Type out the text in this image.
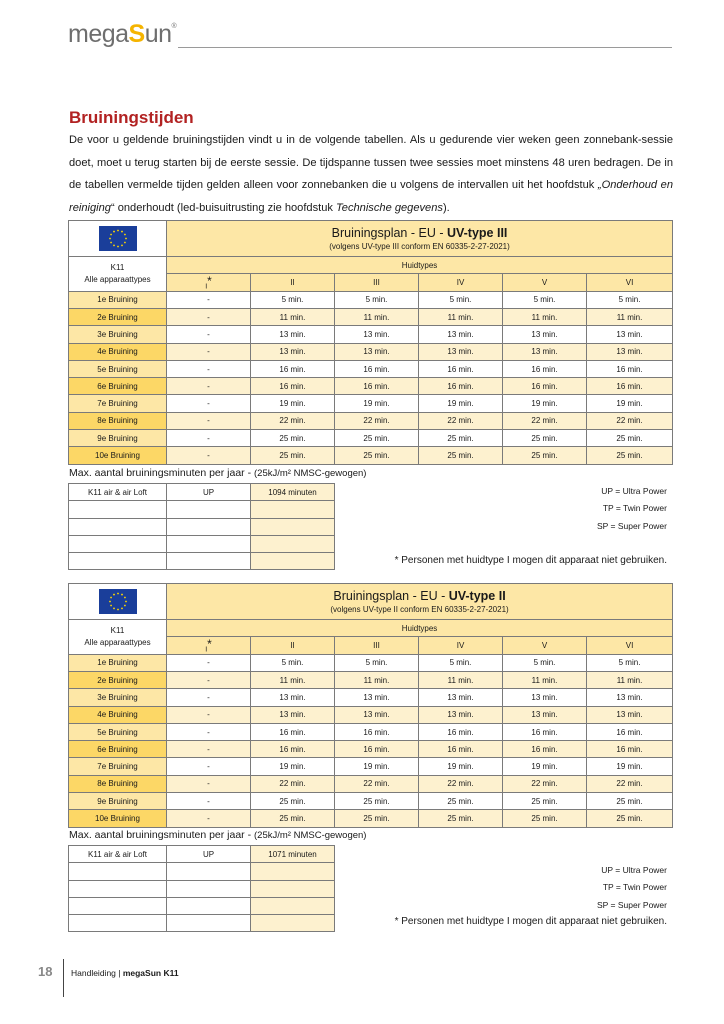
megaSun®
Bruiningstijden
De voor u geldende bruiningstijden vindt u in de volgende tabellen. Als u gedurende vier weken geen zonnebank-sessie doet, moet u terug starten bij de eerste sessie. De tijdspanne tussen twee sessies moet minstens 48 uren bedragen. De in de tabellen vermelde tijden gelden alleen voor zonnebanken die u volgens de intervallen uit het hoofdstuk „Onderhoud en reiniging“ onderhoudt (led-buisuitrusting zie hoofdstuk Technische gegevens).

Bruiningsplan - EU - UV-type III
(volgens UV-type III conform EN 60335-2-27-2021)					

K11
Alle apparaattypes	Huidtypes					
	$_I$*	II	III	IV	V	VI
1e Bruining	-	5 min.	5 min.	5 min.	5 min.	5 min.
2e Bruining	-	11 min.	11 min.	11 min.	11 min.	11 min.
3e Bruining	-	13 min.	13 min.	13 min.	13 min.	13 min.
4e Bruining	-	13 min.	13 min.	13 min.	13 min.	13 min.
5e Bruining	-	16 min.	16 min.	16 min.	16 min.	16 min.
6e Bruining	-	16 min.	16 min.	16 min.	16 min.	16 min.
7e Bruining	-	19 min.	19 min.	19 min.	19 min.	19 min.
8e Bruining	-	22 min.	22 min.	22 min.	22 min.	22 min.
9e Bruining	-	25 min.	25 min.	25 min.	25 min.	25 min.
10e Bruining	-	25 min.	25 min.	25 min.	25 min.	25 min.
Max. aantal bruiningsminuten per jaar - (25kJ/m² NMSC-gewogen)
K11 air & air Loft	UP	1094 minuten

			UP = Ultra Power
TP = Twin Power
SP = Super Power
* Personen met huidtype I mogen dit apparaat niet gebruiken.

Bruiningsplan - EU - UV-type II
(volgens UV-type II conform EN 60335-2-27-2021)					

K11
Alle apparaattypes	Huidtypes					
	$_I$*	II	III	IV	V	VI
1e Bruining	-	5 min.	5 min.	5 min.	5 min.	5 min.
2e Bruining	-	11 min.	11 min.	11 min.	11 min.	11 min.
3e Bruining	-	13 min.	13 min.	13 min.	13 min.	13 min.
4e Bruining	-	13 min.	13 min.	13 min.	13 min.	13 min.
5e Bruining	-	16 min.	16 min.	16 min.	16 min.	16 min.
6e Bruining	-	16 min.	16 min.	16 min.	16 min.	16 min.
7e Bruining	-	19 min.	19 min.	19 min.	19 min.	19 min.
8e Bruining	-	22 min.	22 min.	22 min.	22 min.	22 min.
9e Bruining	-	25 min.	25 min.	25 min.	25 min.	25 min.
10e Bruining	-	25 min.	25 min.	25 min.	25 min.	25 min.
Max. aantal bruiningsminuten per jaar - (25kJ/m² NMSC-gewogen)
K11 air & air Loft	UP	1071 minuten

UP = Ultra Power
TP = Twin Power
SP = Super Power
* Personen met huidtype I mogen dit apparaat niet gebruiken.
18 Handleiding | megaSun K11
